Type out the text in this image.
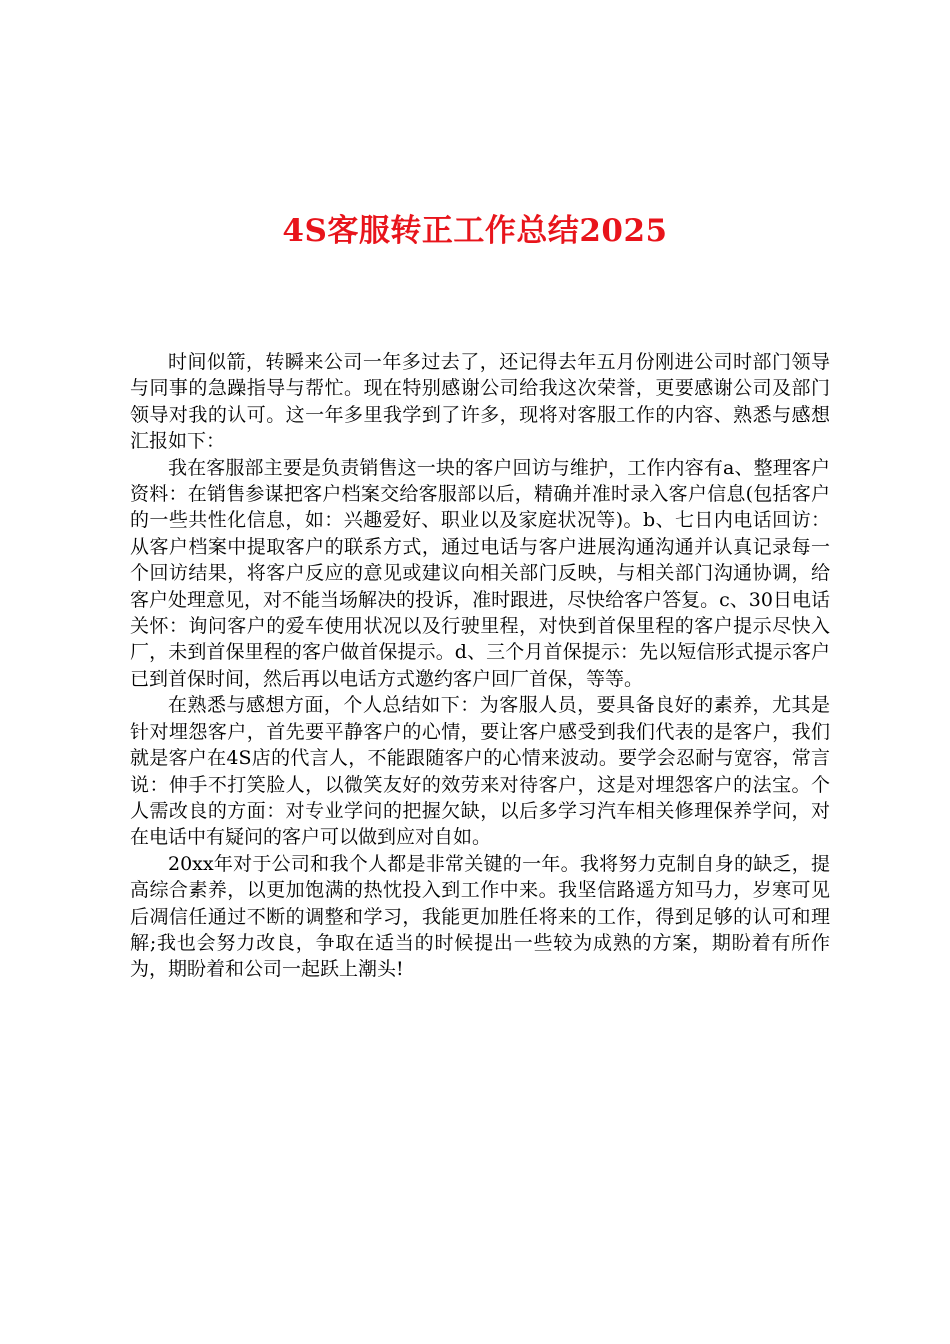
4S客服转正工作总结2025

时间似箭，转瞬来公司一年多过去了，还记得去年五月份刚进公司时部门领导与同事的急躁指导与帮忙。现在特别感谢公司给我这次荣誉，更要感谢公司及部门领导对我的认可。这一年多里我学到了许多，现将对客服工作的内容、熟悉与感想汇报如下：

我在客服部主要是负责销售这一块的客户回访与维护，工作内容有a、整理客户资料：在销售参谋把客户档案交给客服部以后，精确并准时录入客户信息(包括客户的一些共性化信息，如：兴趣爱好、职业以及家庭状况等)。b、七日内电话回访：从客户档案中提取客户的联系方式，通过电话与客户进展沟通沟通并认真记录每一个回访结果，将客户反应的意见或建议向相关部门反映，与相关部门沟通协调，给客户处理意见，对不能当场解决的投诉，准时跟进，尽快给客户答复。c、30日电话关怀：询问客户的爱车使用状况以及行驶里程，对快到首保里程的客户提示尽快入厂，未到首保里程的客户做首保提示。d、三个月首保提示：先以短信形式提示客户已到首保时间，然后再以电话方式邀约客户回厂首保，等等。

在熟悉与感想方面，个人总结如下：为客服人员，要具备良好的素养，尤其是针对埋怨客户，首先要平静客户的心情，要让客户感受到我们代表的是客户，我们就是客户在4S店的代言人，不能跟随客户的心情来波动。要学会忍耐与宽容，常言说：伸手不打笑脸人，以微笑友好的效劳来对待客户，这是对埋怨客户的法宝。个人需改良的方面：对专业学问的把握欠缺，以后多学习汽车相关修理保养学问，对在电话中有疑问的客户可以做到应对自如。

20xx年对于公司和我个人都是非常关键的一年。我将努力克制自身的缺乏，提高综合素养，以更加饱满的热忱投入到工作中来。我坚信路遥方知马力，岁寒可见后凋信任通过不断的调整和学习，我能更加胜任将来的工作，得到足够的认可和理解;我也会努力改良，争取在适当的时候提出一些较为成熟的方案，期盼着有所作为，期盼着和公司一起跃上潮头!
